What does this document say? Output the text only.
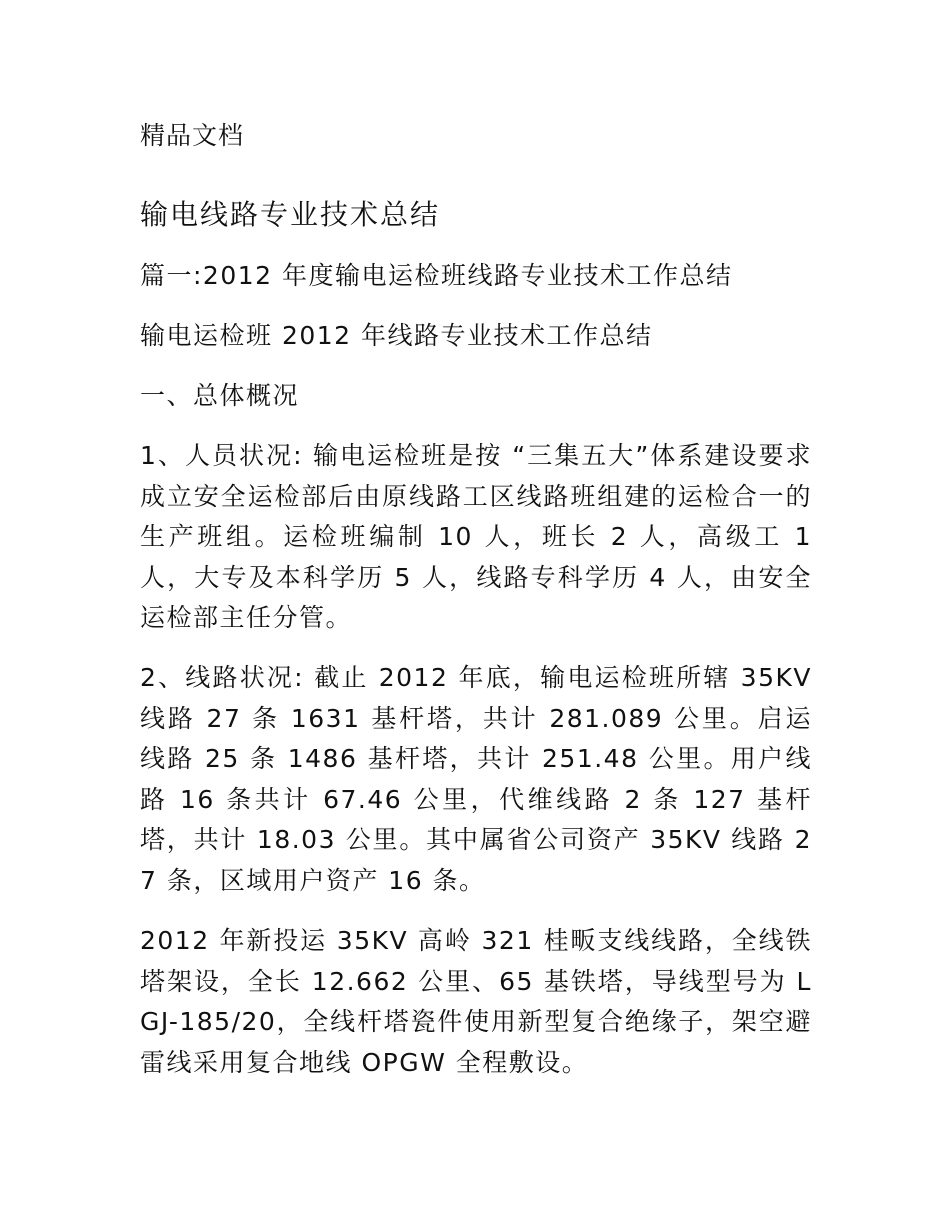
精品文档
输电线路专业技术总结
篇一:2012 年度输电运检班线路专业技术工作总结
输电运检班 2012 年线路专业技术工作总结
一、总体概况

1、人员状况: 输电运检班是按 “三集五大”体系建设要求成立安全运检部后由原线路工区线路班组建的运检合一的生产班组。运检班编制 10 人，班长 2 人，高级工 1 人，大专及本科学历 5 人，线路专科学历 4 人，由安全运检部主任分管。

2、线路状况: 截止 2012 年底，输电运检班所辖 35KV 线路 27 条 1631 基杆塔，共计 281.089 公里。启运线路 25 条 1486 基杆塔，共计 251.48 公里。用户线路 16 条共计 67.46 公里，代维线路 2 条 127 基杆塔，共计 18.03 公里。其中属省公司资产 35KV 线路 27 条，区域用户资产 16 条。

2012 年新投运 35KV 高岭 321 桂畈支线线路，全线铁塔架设，全长 12.662 公里、65 基铁塔，导线型号为 LGJ-185/20，全线杆塔瓷件使用新型复合绝缘子，架空避雷线采用复合地线 OPGW 全程敷设。
